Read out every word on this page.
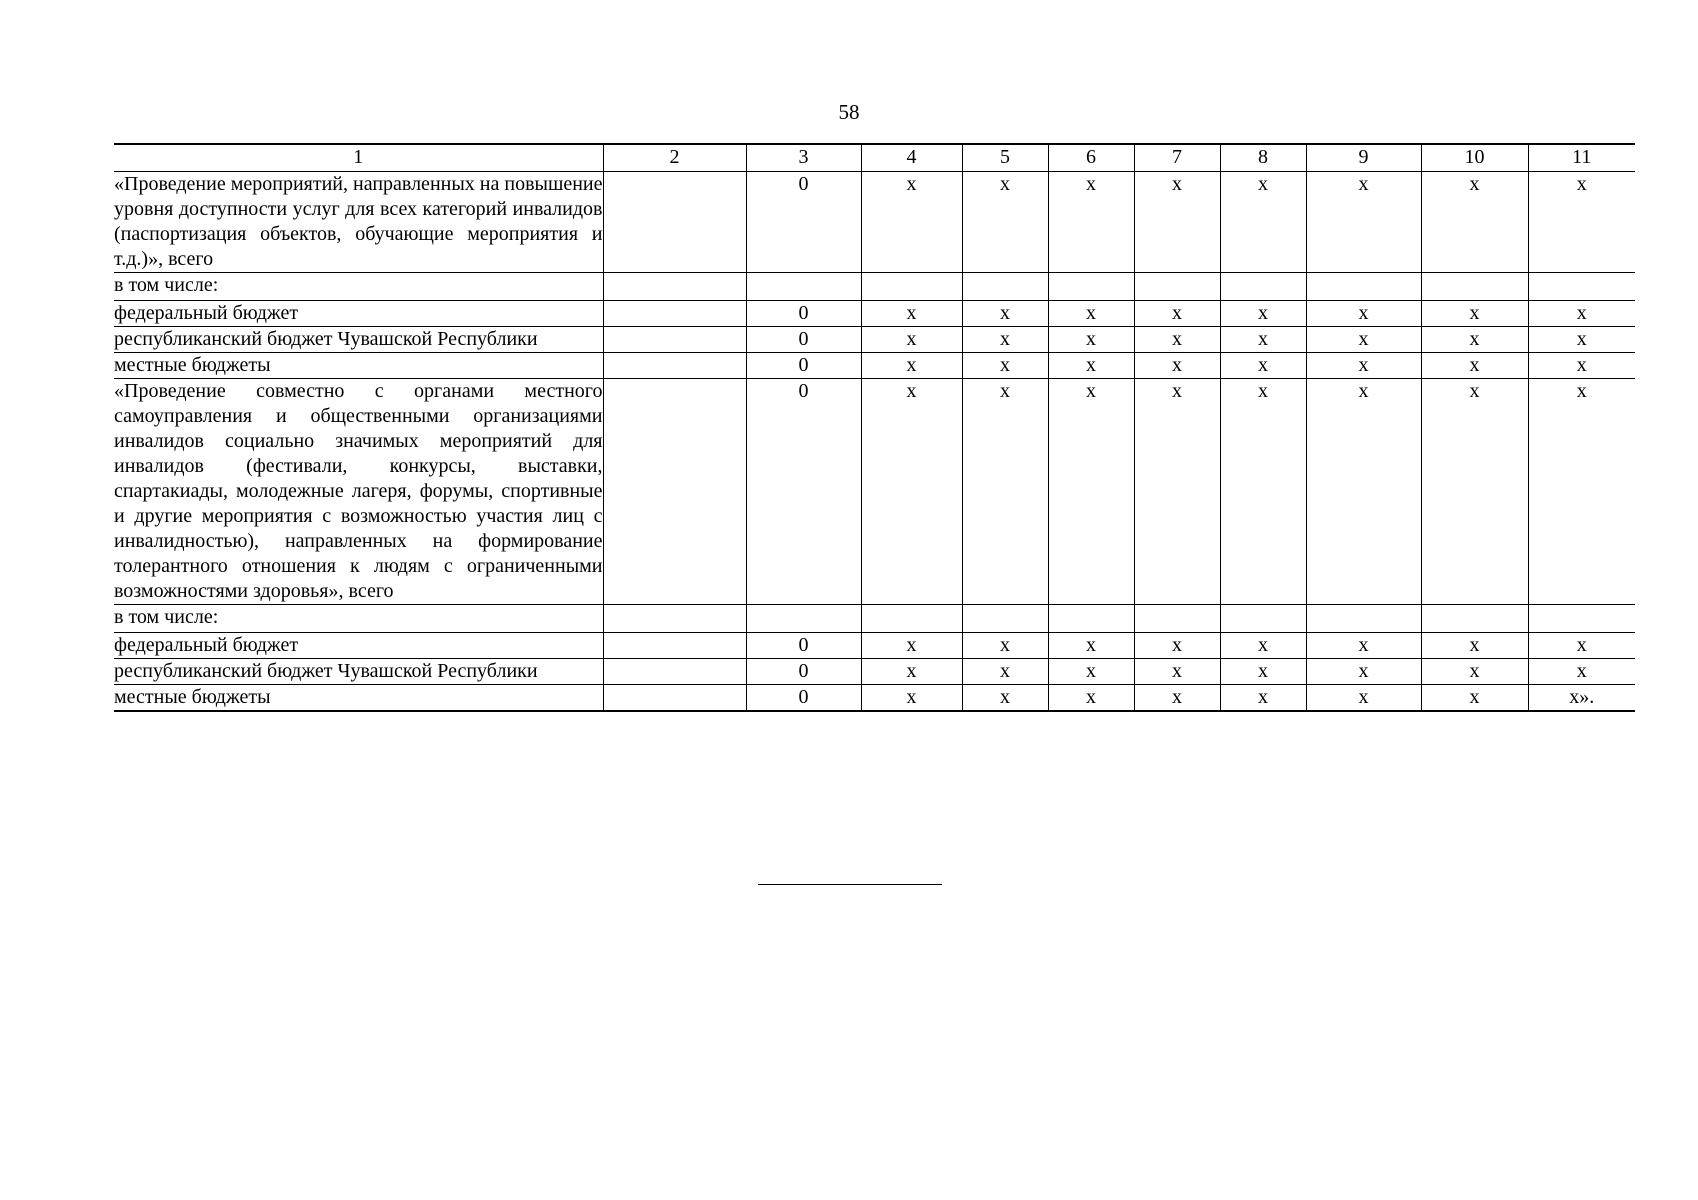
58
1	2	3	4	5	6	7	8	9	10	11
«Проведение мероприятий, направленных на повышение уровня доступности услуг для всех категорий инвалидов (паспортизация объектов, обучающие мероприятия и т.д.)», всего		0	x	x	x	x	x	x	x	x
в том числе:										
федеральный бюджет		0	x	x	x	x	x	x	x	x
республиканский бюджет Чувашской Республики		0	x	x	x	x	x	x	x	x
местные бюджеты		0	x	x	x	x	x	x	x	x
«Проведение совместно с органами местного самоуправления и общественными организациями инвалидов социально значимых мероприятий для инвалидов (фестивали, конкурсы, выставки, спартакиады, молодежные лагеря, форумы, спортивные и другие мероприятия с возможностью участия лиц с инвалидностью), направленных на формирование толерантного отношения к людям с ограниченными возможностями здоровья», всего		0	x	x	x	x	x	x	x	x
в том числе:										
федеральный бюджет		0	x	x	x	x	x	x	x	x
республиканский бюджет Чувашской Республики		0	x	x	x	x	x	x	x	x
местные бюджеты		0	x	x	x	x	x	x	x	x».
